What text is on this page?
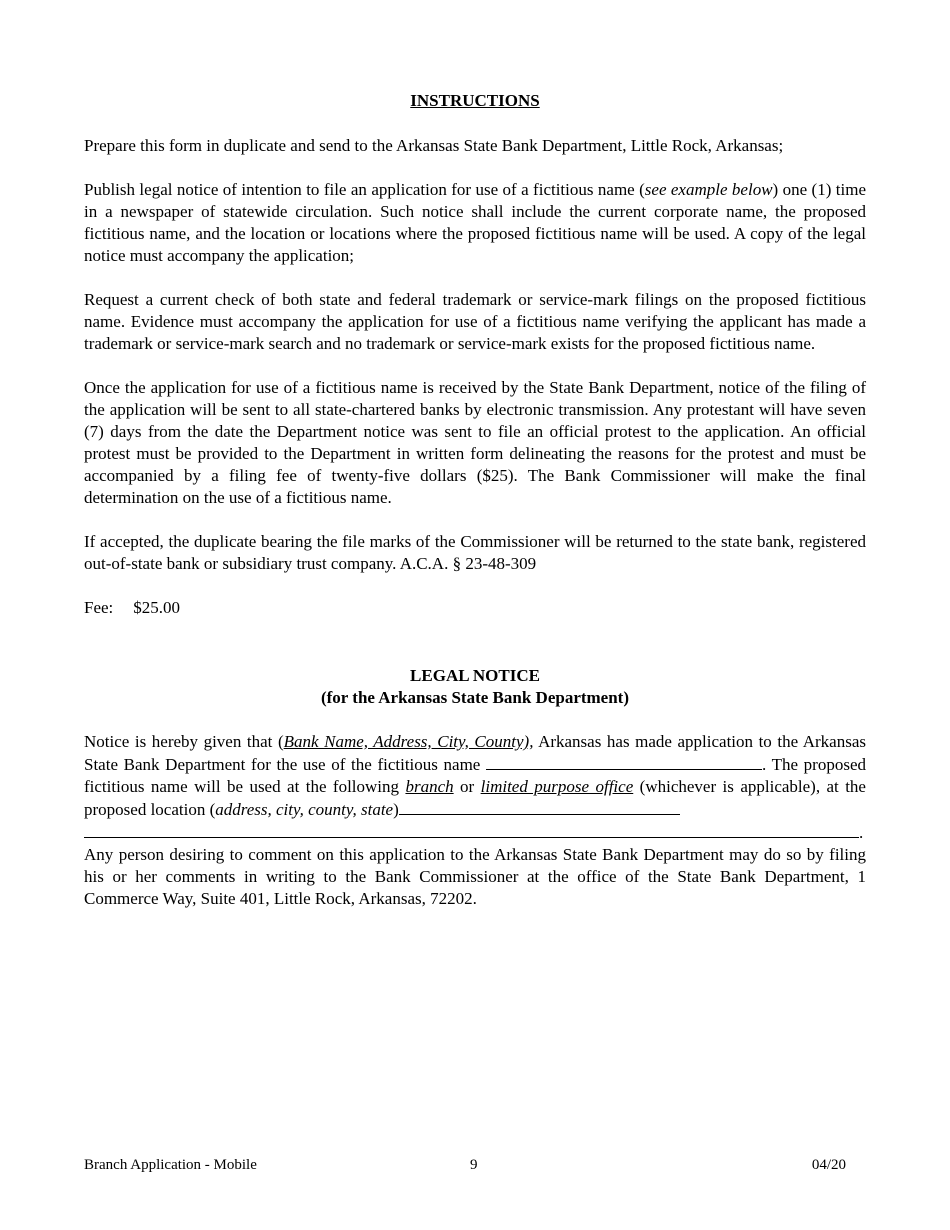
INSTRUCTIONS

Prepare this form in duplicate and send to the Arkansas State Bank Department, Little Rock, Arkansas;

Publish legal notice of intention to file an application for use of a fictitious name (see example below) one (1) time in a newspaper of statewide circulation. Such notice shall include the current corporate name, the proposed fictitious name, and the location or locations where the proposed fictitious name will be used. A copy of the legal notice must accompany the application;

Request a current check of both state and federal trademark or service-mark filings on the proposed fictitious name. Evidence must accompany the application for use of a fictitious name verifying the applicant has made a trademark or service-mark search and no trademark or service-mark exists for the proposed fictitious name.

Once the application for use of a fictitious name is received by the State Bank Department, notice of the filing of the application will be sent to all state-chartered banks by electronic transmission. Any protestant will have seven (7) days from the date the Department notice was sent to file an official protest to the application. An official protest must be provided to the Department in written form delineating the reasons for the protest and must be accompanied by a filing fee of twenty-five dollars ($25). The Bank Commissioner will make the final determination on the use of a fictitious name.

If accepted, the duplicate bearing the file marks of the Commissioner will be returned to the state bank, registered out-of-state bank or subsidiary trust company. A.C.A. § 23-48-309

Fee: $25.00
LEGAL NOTICE
(for the Arkansas State Bank Department)

Notice is hereby given that (Bank Name, Address, City, County), Arkansas has made application to the Arkansas State Bank Department for the use of the fictitious name	. The proposed fictitious name will be used at the following branch or limited purpose office (whichever is applicable), at the proposed location (address, city, county, state)
.

Any person desiring to comment on this application to the Arkansas State Bank Department may do so by filing his or her comments in writing to the Bank Commissioner at the office of the State Bank Department, 1 Commerce Way, Suite 401, Little Rock, Arkansas, 72202.

Branch Application - Mobile	9	04/20
